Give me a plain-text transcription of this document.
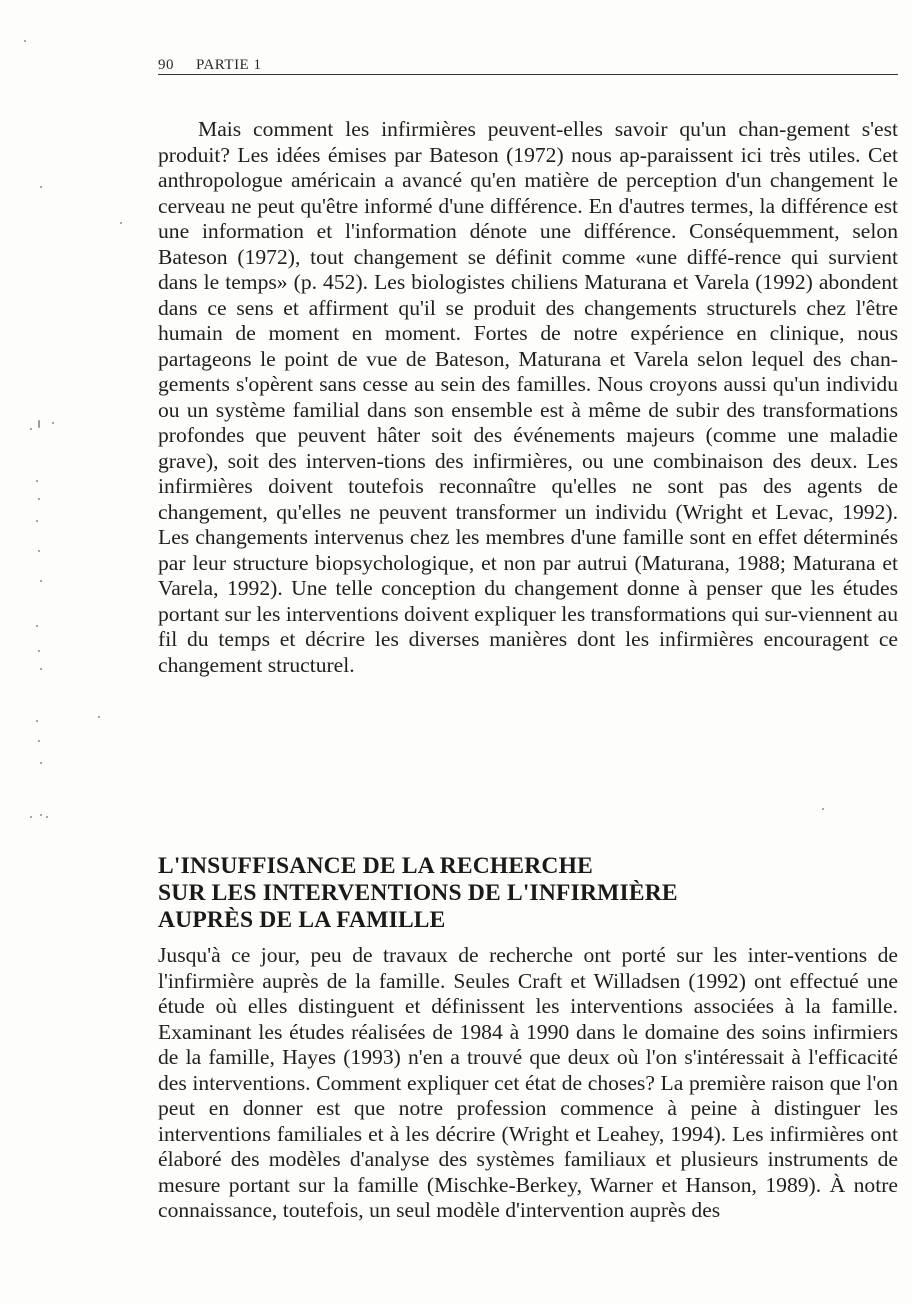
90 PARTIE 1

Mais comment les infirmières peuvent-elles savoir qu'un chan-gement s'est produit? Les idées émises par Bateson (1972) nous ap-paraissent ici très utiles. Cet anthropologue américain a avancé qu'en matière de perception d'un changement le cerveau ne peut qu'être informé d'une différence. En d'autres termes, la différence est une information et l'information dénote une différence. Conséquemment, selon Bateson (1972), tout changement se définit comme «une diffé-rence qui survient dans le temps» (p. 452). Les biologistes chiliens Maturana et Varela (1992) abondent dans ce sens et affirment qu'il se produit des changements structurels chez l'être humain de moment en moment. Fortes de notre expérience en clinique, nous partageons le point de vue de Bateson, Maturana et Varela selon lequel des chan-gements s'opèrent sans cesse au sein des familles. Nous croyons aussi qu'un individu ou un système familial dans son ensemble est à même de subir des transformations profondes que peuvent hâter soit des événements majeurs (comme une maladie grave), soit des interven-tions des infirmières, ou une combinaison des deux. Les infirmières doivent toutefois reconnaître qu'elles ne sont pas des agents de changement, qu'elles ne peuvent transformer un individu (Wright et Levac, 1992). Les changements intervenus chez les membres d'une famille sont en effet déterminés par leur structure biopsychologique, et non par autrui (Maturana, 1988; Maturana et Varela, 1992). Une telle conception du changement donne à penser que les études portant sur les interventions doivent expliquer les transformations qui sur-viennent au fil du temps et décrire les diverses manières dont les infirmières encouragent ce changement structurel.

L'INSUFFISANCE DE LA RECHERCHE
SUR LES INTERVENTIONS DE L'INFIRMIÈRE
AUPRÈS DE LA FAMILLE

Jusqu'à ce jour, peu de travaux de recherche ont porté sur les inter-ventions de l'infirmière auprès de la famille. Seules Craft et Willadsen (1992) ont effectué une étude où elles distinguent et définissent les interventions associées à la famille. Examinant les études réalisées de 1984 à 1990 dans le domaine des soins infirmiers de la famille, Hayes (1993) n'en a trouvé que deux où l'on s'intéressait à l'efficacité des interventions. Comment expliquer cet état de choses? La première raison que l'on peut en donner est que notre profession commence à peine à distinguer les interventions familiales et à les décrire (Wright et Leahey, 1994). Les infirmières ont élaboré des modèles d'analyse des systèmes familiaux et plusieurs instruments de mesure portant sur la famille (Mischke-Berkey, Warner et Hanson, 1989). À notre connaissance, toutefois, un seul modèle d'intervention auprès des
